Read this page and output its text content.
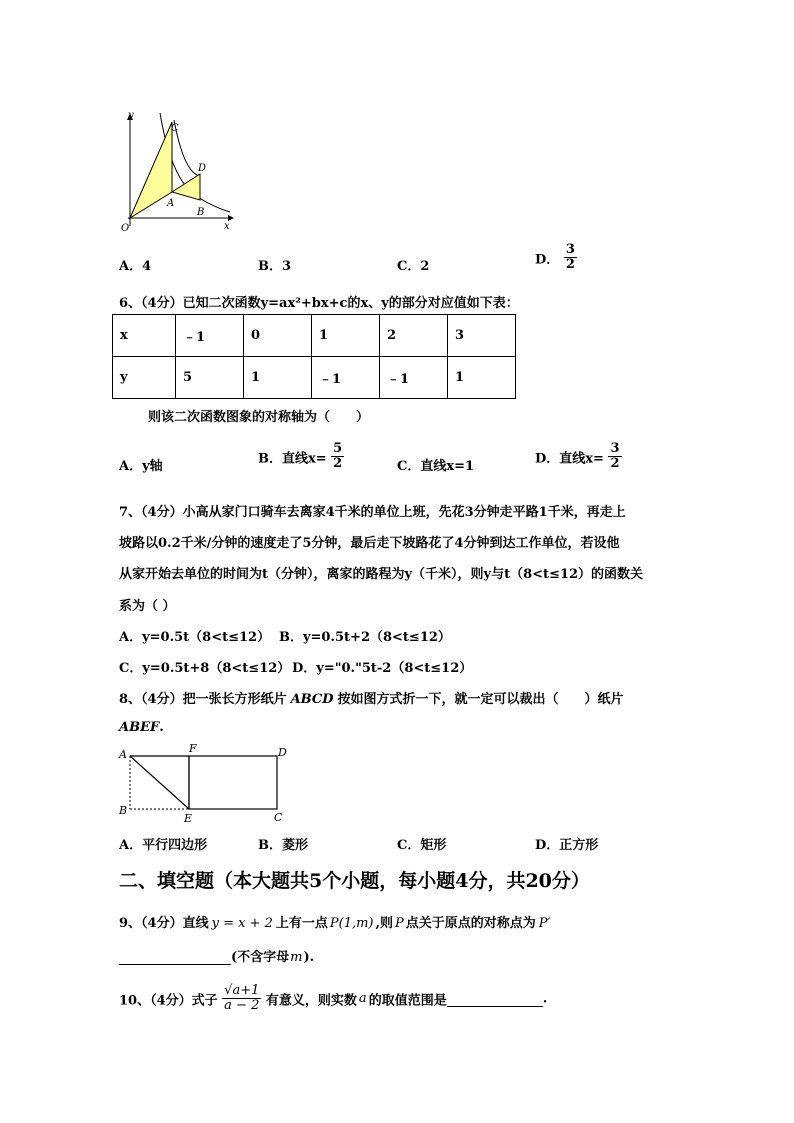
y
x
O
C
D
A
B
A．4	B．3	C．2	D． $\frac{3}{2}$
6、（4分）已知二次函数y=ax²+bx+c的x、y的部分对应值如下表：
x	﹣1	0	1	2	3
y	5	1	﹣1	﹣1	1
则该二次函数图象的对称轴为（　　）
A．y轴
B．直线$x= \frac{5}{2}$	C．直线x=1
D．直线$x= \frac{3}{2}$
7、（4分）小高从家门口骑车去离家4千米的单位上班，先花3分钟走平路1千米，再走上
坡路以0.2千米/分钟的速度走了5分钟，最后走下坡路花了4分钟到达工作单位，若设他
从家开始去单位的时间为t（分钟），离家的路程为y（千米），则y与t（8<t≤12）的函数关
系为（ ）
A．y=0.5t（8<t≤12） B．y=0.5t+2（8<t≤12）
C．y=0.5t+8（8<t≤12） D．y="0."5t-2（8<t≤12）
8、（4分）把一张长方形纸片 ABCD 按如图方式折一下，就一定可以裁出（　　）纸片
ABEF.
A	F	D
B
E	C
A．平行四边形	B．菱形	C．矩形	D．正方形
二、填空题（本大题共5个小题，每小题4分，共20分）
9、（4分）直线 y = x + 2 上有一点 P(1,m) ,则 P 点关于原点的对称点为 P′
(不含字母m).
10、（4分）式子 $\frac{√a+1}{a - 2}$ 有意义，则实数 a 的取值范围是	.
